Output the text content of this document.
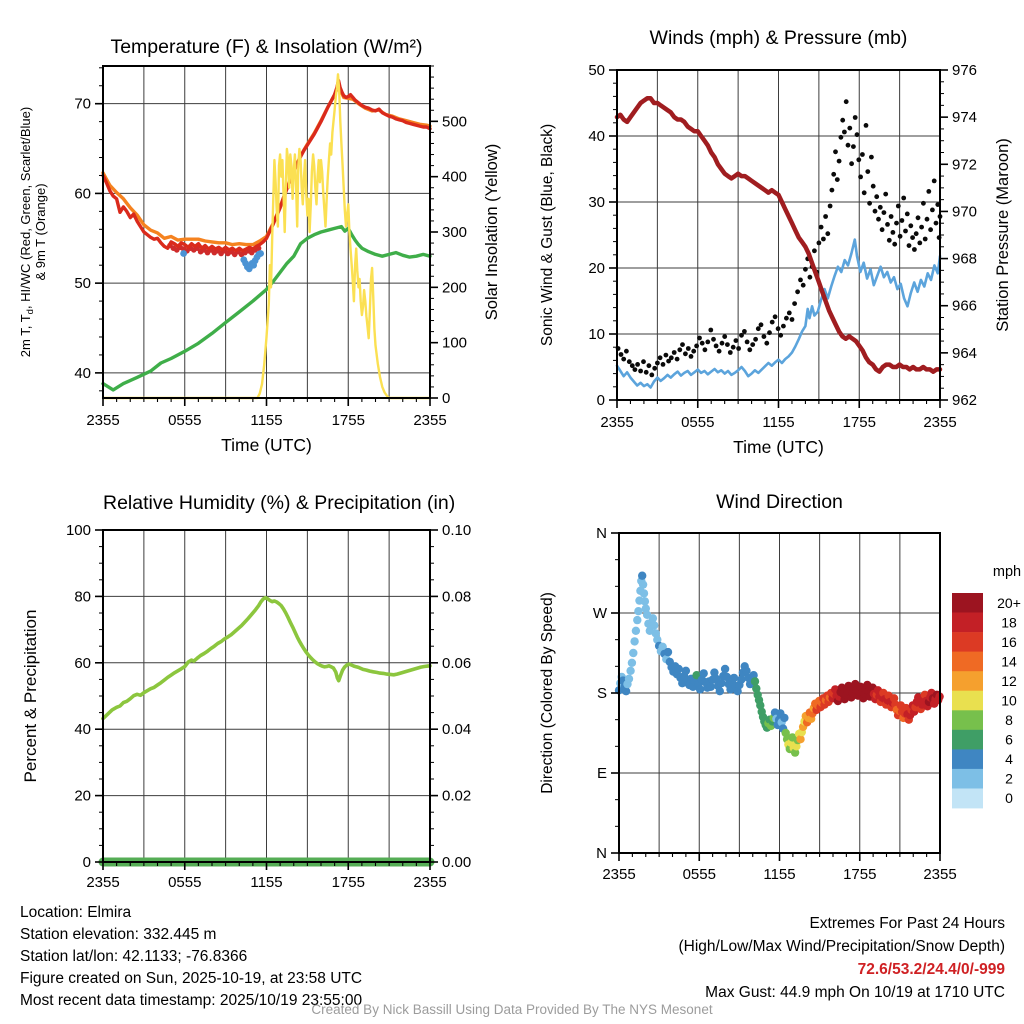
Temperature (F) & Insolation (W/m²)	Winds (mph) & Pressure (mb)
Relative Humidity (%) & Precipitation (in)	Wind Direction
2355	0555	1155	1755	2355
Time (UTC)
40
50
60
70
2m T, $T_d$, HI/WC (Red, Green, Scarlet/Blue) & 9m T (Orange)
0
100
200
300
400
500
Solar Insolation (Yellow)
2355	0555	1155	1755	2355
Time (UTC)
0
10
20
30
40
50
Sonic Wind & Gust (Blue, Black)
962
964
966
968
970
972
974
976
Station Pressure (Maroon)
2355	0555	1155	1755	2355
0
20
40
60
80
100
Percent & Precipitation
0.00
0.02
0.04
0.06
0.08
0.10
2355	0555	1155	1755	2355
N
E
S
W
N
Direction (Colored By Speed)	20+
18
16
14
12
10
8
6
4
2
0
mph
Location: Elmira
Station elevation: 332.445 m
Station lat/lon: 42.1133; -76.8366
Figure created on Sun, 2025-10-19, at 23:58 UTC
Most recent data timestamp: 2025/10/19 23:55:00
Extremes For Past 24 Hours
(High/Low/Max Wind/Precipitation/Snow Depth)
72.6/53.2/24.4/0/-999
Max Gust: 44.9 mph On 10/19 at 1710 UTC
Created By Nick Bassill Using Data Provided By The NYS Mesonet
